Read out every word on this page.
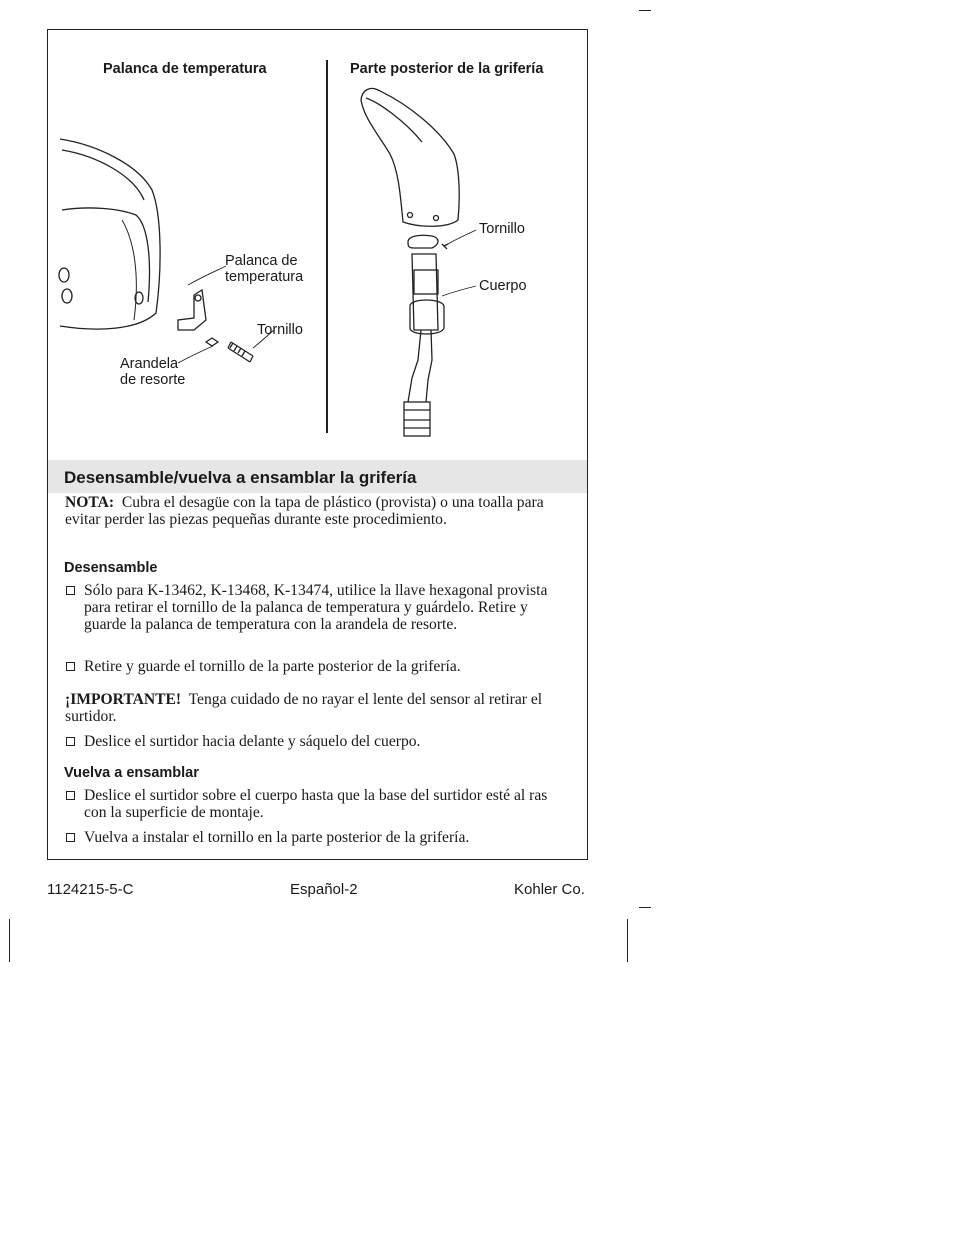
Palanca de temperatura	Parte posterior de la grifería
Palanca de
temperatura
Tornillo
Arandela
de resorte
Tornillo
Cuerpo
Desensamble/vuelva a ensamblar la grifería
NOTA: Cubra el desagüe con la tapa de plástico (provista) o una toalla para evitar perder las piezas pequeñas durante este procedimiento.
Desensamble
Sólo para K-13462, K-13468, K-13474, utilice la llave hexagonal provista para retirar el tornillo de la palanca de temperatura y guárdelo. Retire y guarde la palanca de temperatura con la arandela de resorte.
Retire y guarde el tornillo de la parte posterior de la grifería.
¡IMPORTANTE! Tenga cuidado de no rayar el lente del sensor al retirar el surtidor.
Deslice el surtidor hacia delante y sáquelo del cuerpo.
Vuelva a ensamblar
Deslice el surtidor sobre el cuerpo hasta que la base del surtidor esté al ras con la superficie de montaje.
Vuelva a instalar el tornillo en la parte posterior de la grifería.
1124215-5-C	Español-2	Kohler Co.
